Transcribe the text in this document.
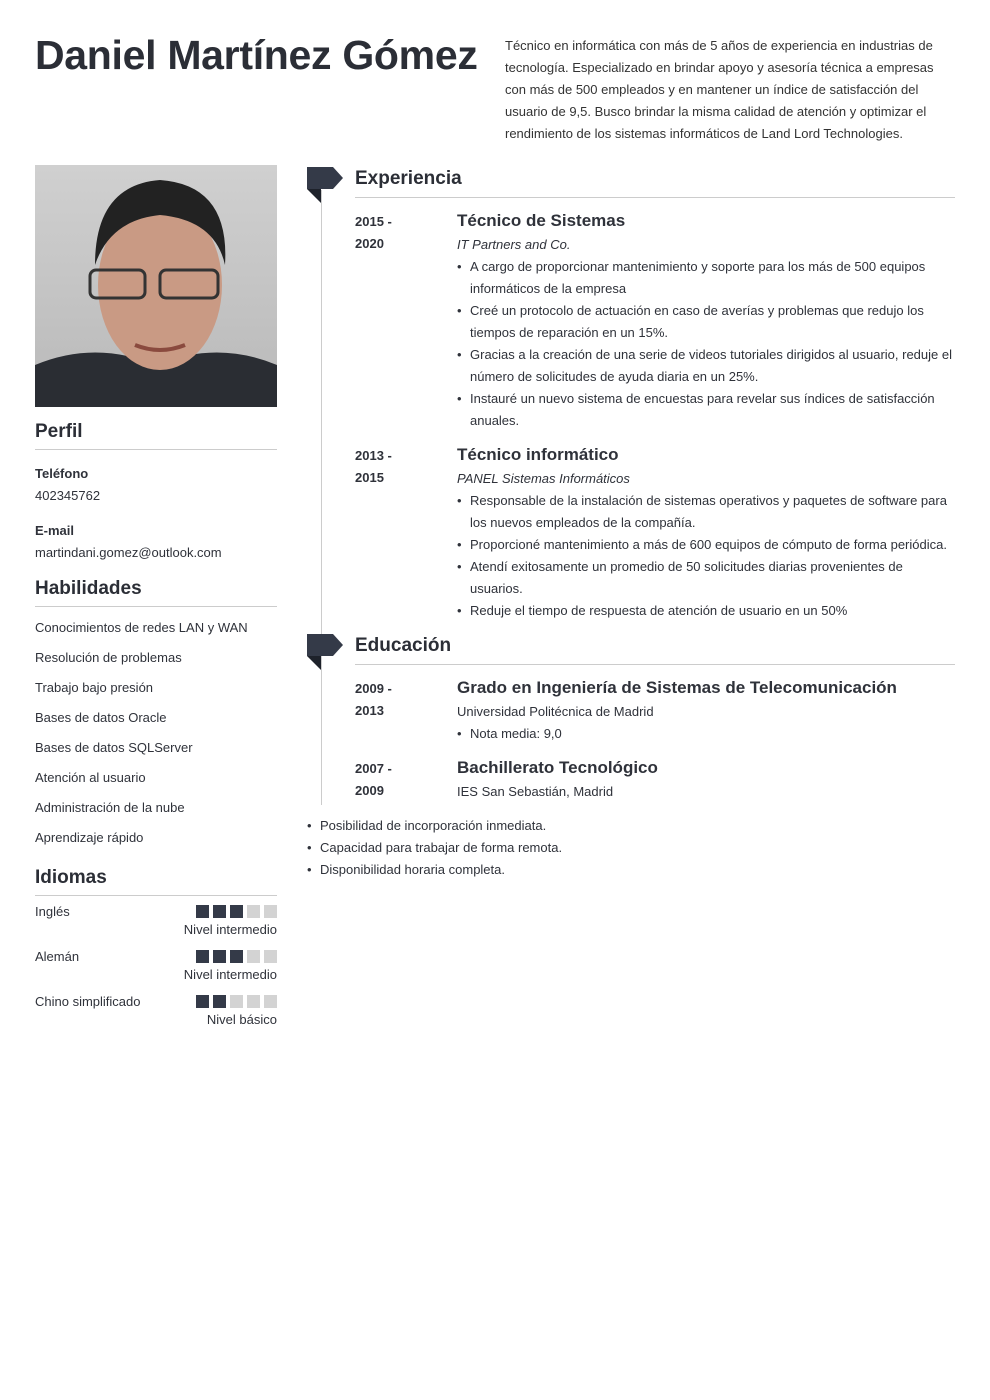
Daniel Martínez Gómez Técnico en informática con más de 5 años de experiencia en industrias de tecnología. Especializado en brindar apoyo y asesoría técnica a empresas con más de 500 empleados y en mantener un índice de satisfacción del usuario de 9,5. Busco brindar la misma calidad de atención y optimizar el rendimiento de los sistemas informáticos de Land Lord Technologies.
Perfil
Teléfono
402345762
E-mail
martindani.gomez@outlook.com
Habilidades
Conocimientos de redes LAN y WAN
Resolución de problemas
Trabajo bajo presión
Bases de datos Oracle
Bases de datos SQLServer
Atención al usuario
Administración de la nube
Aprendizaje rápido
Idiomas
Inglés
Nivel intermedio
Alemán
Nivel intermedio
Chino simplificado
Nivel básico
Experiencia
2015 -
2020
Técnico de Sistemas
IT Partners and Co.
• A cargo de proporcionar mantenimiento y soporte para los más de 500 equipos informáticos de la empresa
• Creé un protocolo de actuación en caso de averías y problemas que redujo los tiempos de reparación en un 15%.
• Gracias a la creación de una serie de videos tutoriales dirigidos al usuario, reduje el número de solicitudes de ayuda diaria en un 25%.
• Instauré un nuevo sistema de encuestas para revelar sus índices de satisfacción anuales.
2013 -
2015
Técnico informático
PANEL Sistemas Informáticos
• Responsable de la instalación de sistemas operativos y paquetes de software para los nuevos empleados de la compañía.
• Proporcioné mantenimiento a más de 600 equipos de cómputo de forma periódica.
• Atendí exitosamente un promedio de 50 solicitudes diarias provenientes de usuarios.
• Reduje el tiempo de respuesta de atención de usuario en un 50%
Educación
2009 -
2013
Grado en Ingeniería de Sistemas de Telecomunicación
Universidad Politécnica de Madrid
• Nota media: 9,0
2007 -
2009
Bachillerato Tecnológico
IES San Sebastián, Madrid
• Posibilidad de incorporación inmediata.
• Capacidad para trabajar de forma remota.
• Disponibilidad horaria completa.
